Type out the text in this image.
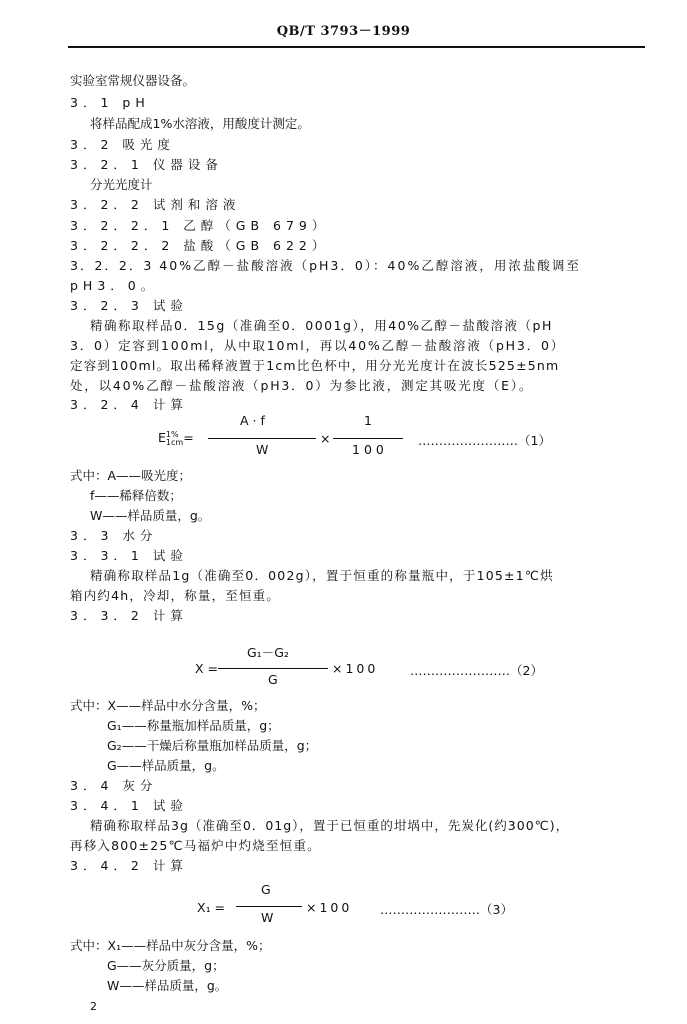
QB/T 3793－1999
实验室常规仪器设备。
3．1 pH
将样品配成1%水溶液，用酸度计测定。
3．2 吸光度
3．2．1 仪器设备
分光光度计
3．2．2 试剂和溶液
3．2．2．1 乙醇（GB 679）
3．2．2．2 盐酸（GB 622）
3．2．2．3 40%乙醇－盐酸溶液（pH3．0）：40%乙醇溶液，用浓盐酸调至
pH3．0。
3．2．3 试验
精确称取样品0．15g（准确至0．0001g），用40%乙醇－盐酸溶液（pH
3．0）定容到100ml，从中取10ml，再以40%乙醇－盐酸溶液（pH3．0）
定容到100ml。取出稀释液置于1cm比色杯中，用分光光度计在波长525±5nm
处，以40%乙醇－盐酸溶液（pH3．0）为参比液，测定其吸光度（E）。
3．2．4 计算
E 1%
1cm =
A · f
W
×
1
100
……………………（1）
式中：A——吸光度；
f——稀释倍数；
W——样品质量，g。
3．3 水分
3．3．1 试验
精确称取样品1g（准确至0．002g），置于恒重的称量瓶中，于105±1℃烘
箱内约4h，冷却，称量，至恒重。
3．3．2 计算
X =
G₁－G₂
G
×100	……………………（2）
式中：X——样品中水分含量，%；
G₁——称量瓶加样品质量，g；
G₂——干燥后称量瓶加样品质量，g；
G——样品质量，g。
3．4 灰分
3．4．1 试验
精确称取样品3g（准确至0．01g），置于已恒重的坩埚中，先炭化(约300℃)，
再移入800±25℃马福炉中灼烧至恒重。
3．4．2 计算
X₁ =
G
W
×100 ……………………（3）
式中：X₁——样品中灰分含量，%；
G——灰分质量，g；
W——样品质量，g。
2
